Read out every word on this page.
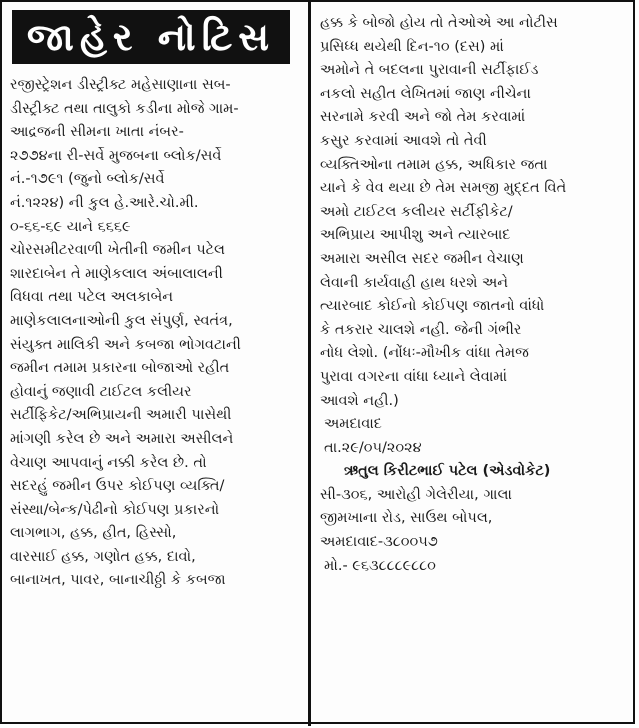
જાહેર નોટિસ
રજીસ્ટ્રેશન ડીસ્ટ્રીક્ટ મહેસાણાના સબ-
ડીસ્ટ્રીક્ટ તથા તાલુકો કડીના મોજે ગામ-
આદ્રજની સીમના ખાતા નંબર-
૨૭૭૪ના રી-સર્વે મુજબના બ્લોક/સર્વે
નં.-૧૭૯૧ (જુનો બ્લોક/સર્વે
નં.૧૨૨૪) ની કુલ હે.આરે.ચો.મી.
૦-૬૬-૬૯ યાને ૬૬૬૯
ચોરસમીટરવાળી ખેતીની જમીન પટેલ
શારદાબેન તે માણેકલાલ અંબાલાલની
વિધવા તથા પટેલ અલકાબેન
માણેકલાલનાઓની કુલ સંપુર્ણ, સ્વતંત્ર,
સંયુક્ત માલિકી અને કબજા ભોગવટાની
જમીન તમામ પ્રકારના બોજાઓ રહીત
હોવાનું જણાવી ટાઈટલ કલીયર
સર્ટીફિકેટ/અભિપ્રાયની અમારી પાસેથી
માંગણી કરેલ છે અને અમારા અસીલને
વેચાણ આપવાનું નક્કી કરેલ છે. તો
સદરહું જમીન ઉપર કોઈપણ વ્યક્તિ/
સંસ્થા/બેન્ક/પેઢીનો કોઈપણ પ્રકારનો
લાગભાગ, હક્ક, હીત, હિસ્સો,
વારસાઈ હક્ક, ગણોત હક્ક, દાવો,
બાનાખત, પાવર, બાનાચીઠ્ઠી કે કબજા
હક્ક કે બોજો હોય તો તેઓએ આ નોટીસ
પ્રસિધ્ધ થયેથી દિન-૧૦ (દસ) માં
અમોને તે બદલના પુરાવાની સર્ટીફાઈડ
નકલો સહીત લેખિતમાં જાણ નીચેના
સરનામે કરવી અને જો તેમ કરવામાં
કસુર કરવામાં આવશે તો તેવી
વ્યક્તિઓના તમામ હક્ક, અધિકાર જતા
યાને કે વેવ થયા છે તેમ સમજી મુદ્દત વિતે
અમો ટાઈટલ કલીયર સર્ટીફીકેટ/
અભિપ્રાય આપીશુ અને ત્યારબાદ
અમારા અસીલ સદર જમીન વેચાણ
લેવાની કાર્યવાહી હાથ ધરશે અને
ત્યારબાદ કોઈનો કોઈપણ જાતનો વાંધો
કે તકરાર ચાલશે નહી. જેની ગંભીર
નોધ લેશો. (નોંધઃ-મૌખીક વાંધા તેમજ
પુરાવા વગરના વાંધા ધ્યાને લેવામાં
આવશે નહી.)
અમદાવાદ
તા.૨૯/૦૫/૨૦૨૪
ઋતુલ કિરીટભાઈ પટેલ (એડવોકેટ)
સી-૩૦૬, આરોહી ગેલેરીયા, ગાલા
જીમખાના રોડ, સાઉથ બોપલ,
અમદાવાદ-૩૮૦૦૫૭
મો.- ૯૬૩૮૮૮૯૮૮૦
